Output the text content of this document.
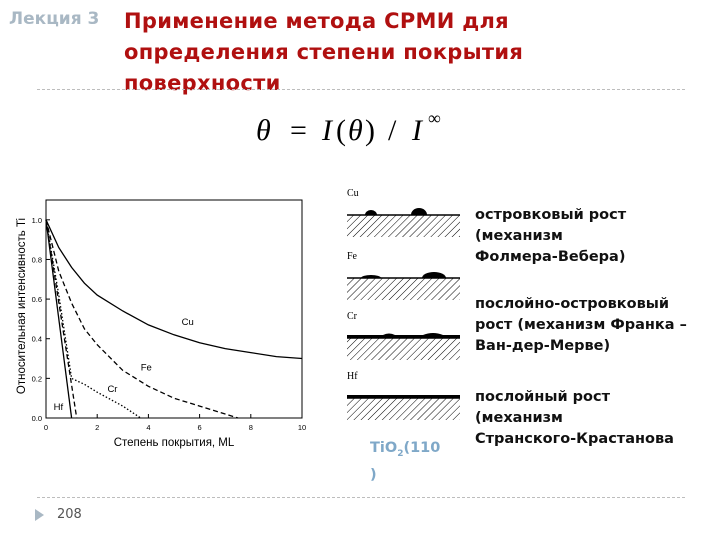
Лекция 3 Применение метода СРМИ для
определения степени покрытия
поверхности
θ = I ( θ ) / I ∞
0	2	4	6	8	10
0.0
0.2
0.4
0.6
0.8
1.0
Cu
Fe
Cr
Hf
Степень покрытия, ML
Относительная интенсивность Ti
Cu
Fe
Cr
Hf
TiO$_2$(110
)
островковый рост
(механизм
Фолмера-Вебера)
послойно-островковый
рост (механизм Франка –
Ван-дер-Мерве)
послойный рост
(механизм
Странского-Крастанова
208
